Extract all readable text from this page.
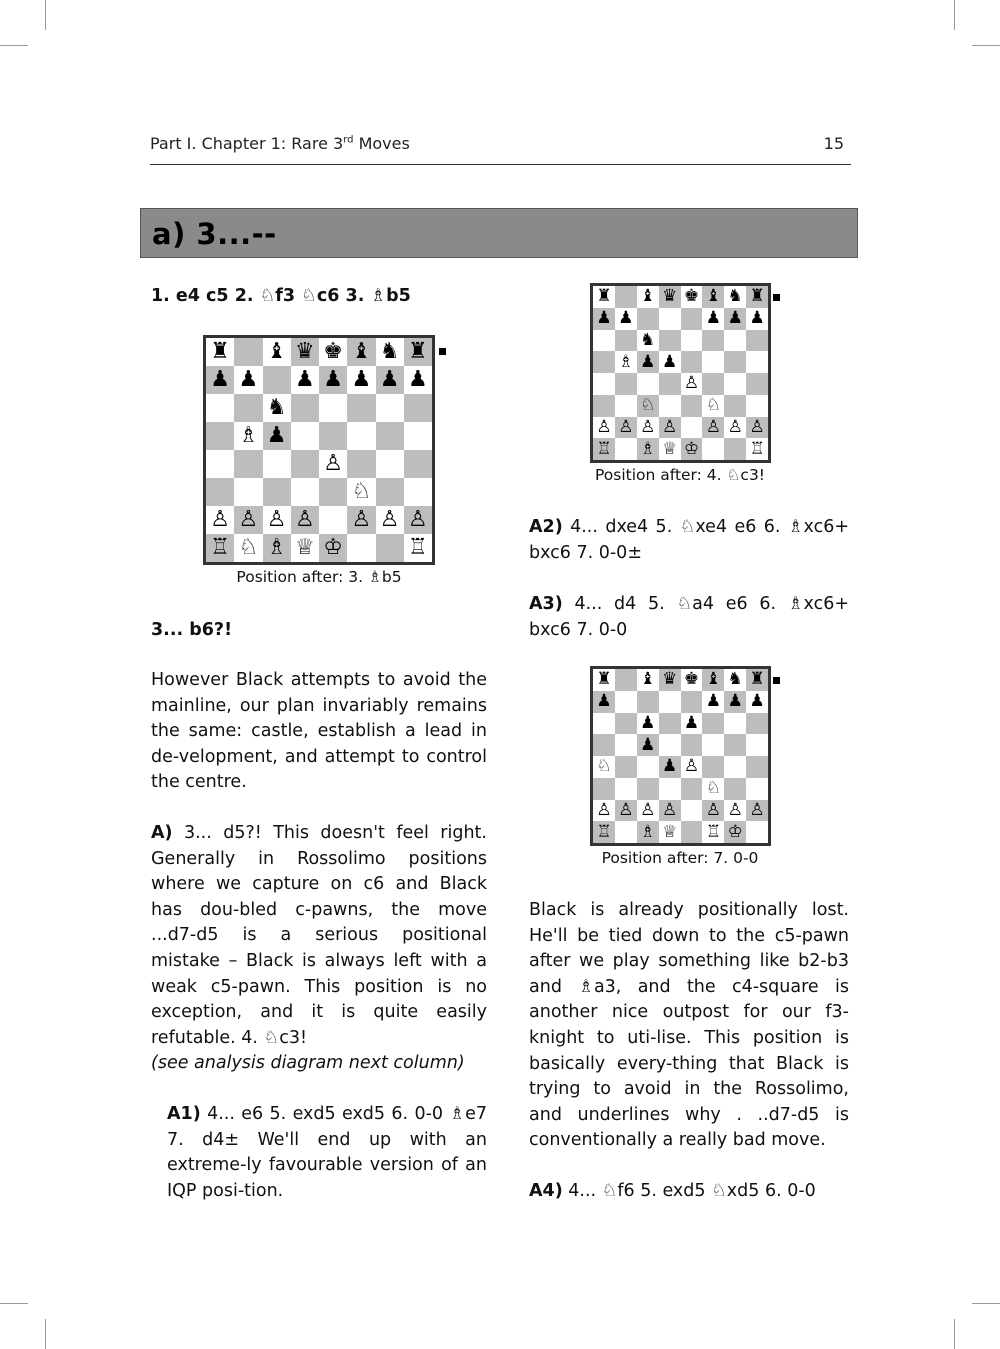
Part I. Chapter 1: Rare 3rd Moves	15
a) 3...--
1. e4 c5 2. ♘f3 ♘c6 3. ♗b5
♜ ♝ ♛ ♚ ♝ ♞ ♜
♟ ♟ ♟ ♟ ♟ ♟ ♟
♞
♗ ♟
♙
♘
♙ ♙ ♙ ♙ ♙ ♙ ♙
♖ ♘ ♗ ♕ ♔	♖
Position after: 3. ♗b5
3... b6?!
However Black attempts to avoid the mainline, our plan invariably remains the same: castle, establish a lead in de-velopment, and attempt to control the centre.
A) 3... d5?! This doesn't feel right. Generally in Rossolimo positions where we capture on c6 and Black has dou-bled c-pawns, the move ...d7-d5 is a serious positional mistake – Black is always left with a weak c5-pawn. This position is no exception, and it is quite easily refutable. 4. ♘c3!
(see analysis diagram next column)
A1) 4... e6 5. exd5 exd5 6. 0-0 ♗e7 7. d4± We'll end up with an extreme-ly favourable version of an IQP posi-tion.
♜ ♝ ♛ ♚ ♝ ♞ ♜
♟ ♟	♟ ♟ ♟
♞
♗ ♟ ♟
♙
♘	♘
♙ ♙ ♙ ♙ ♙ ♙ ♙
♖ ♗ ♕ ♔	♖
Position after: 4. ♘c3!
A2) 4... dxe4 5. ♘xe4 e6 6. ♗xc6+ bxc6 7. 0-0±
A3) 4... d4 5. ♘a4 e6 6. ♗xc6+ bxc6 7. 0-0
♜ ♝ ♛ ♚ ♝ ♞ ♜
♟	♟ ♟ ♟
♟ ♟
♟
♘	♟ ♙
♘
♙ ♙ ♙ ♙ ♙ ♙ ♙
♖ ♗ ♕ ♖ ♔
Position after: 7. 0-0
Black is already positionally lost. He'll be tied down to the c5-pawn after we play something like b2-b3 and ♗a3, and the c4-square is another nice outpost for our f3-knight to uti-lise. This position is basically every-thing that Black is trying to avoid in the Rossolimo, and underlines why . ..d7-d5 is conventionally a really bad move.
A4) 4... ♘f6 5. exd5 ♘xd5 6. 0-0
